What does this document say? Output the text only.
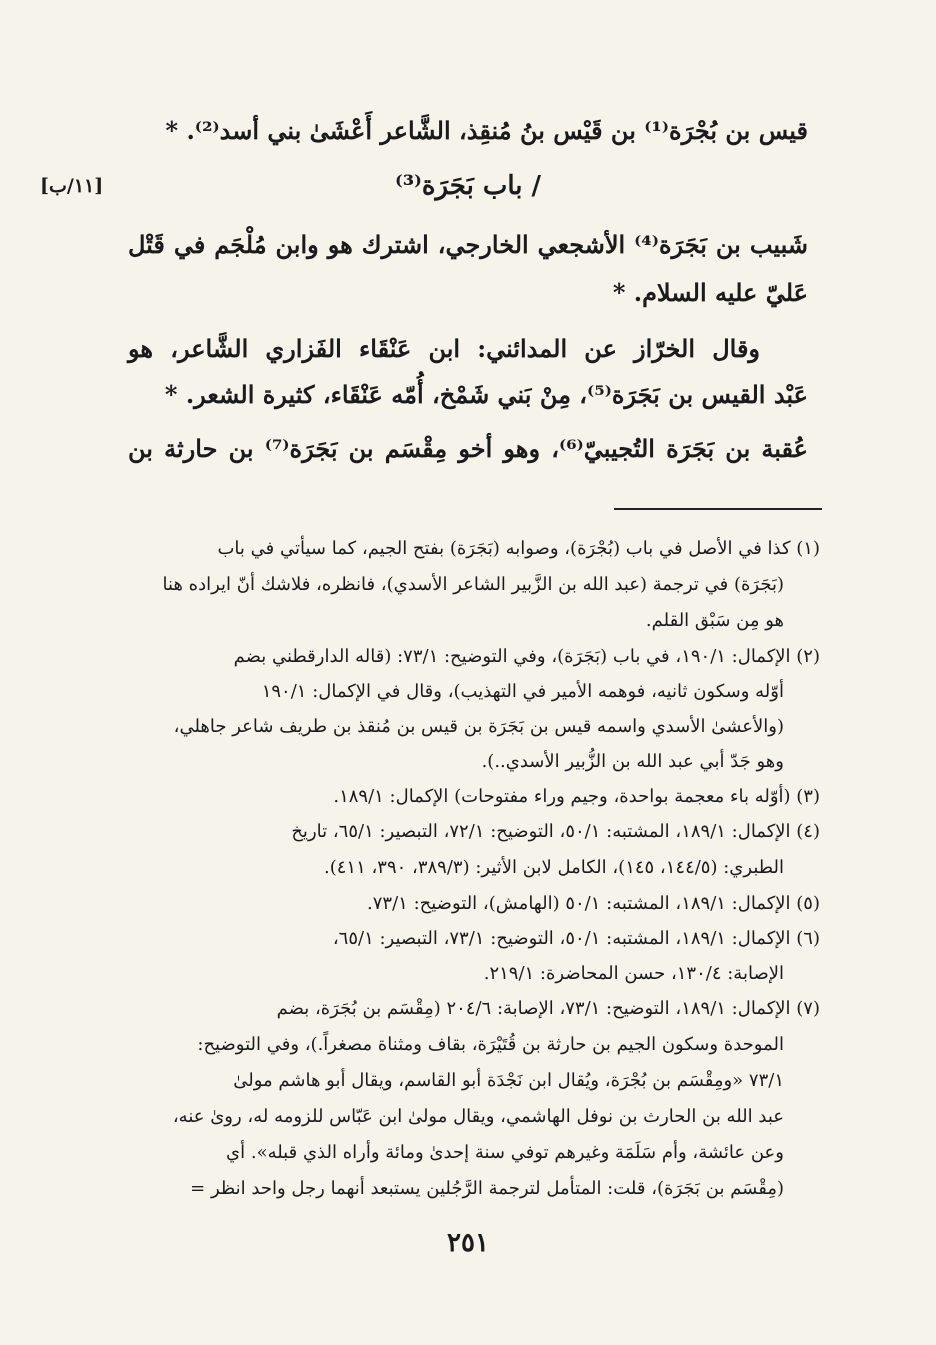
قيس بن بُجْرَة⁽¹⁾ بن قَيْس بنُ مُنقِذ، الشَّاعر أَعْشَىٰ بني أسد⁽²⁾. *
/ باب بَجَرَة⁽³⁾
[١١/ب]
شَبيب بن بَجَرَة⁽⁴⁾ الأشجعي الخارجي، اشترك هو وابن مُلْجَم في قَتْل
عَليّ عليه السلام. *
وقال الخرّاز عن المدائني: ابن عَنْقَاء الفَزاري الشَّاعر، هو
عَبْد القيس بن بَجَرَة⁽⁵⁾، مِنْ بَني شَمْخ، أُمّه عَنْقَاء، كثيرة الشعر. *
عُقبة بن بَجَرَة التُجيبيّ⁽⁶⁾، وهو أخو مِقْسَم بن بَجَرَة⁽⁷⁾ بن حارثة بن
(١) كذا في الأصل في باب (بُجْرَة)، وصوابه (بَجَرَة) بفتح الجيم، كما سيأتي في باب
(بَجَرَة) في ترجمة (عبد الله بن الزَّبير الشاعر الأسدي)، فانظره، فلاشك أنّ ايراده هنا
هو مِن سَبْق القلم.
(٢) الإكمال: ١٩٠/١، في باب (بَجَرَة)، وفي التوضيح: ٧٣/١: (قاله الدارقطني بضم
أوّله وسكون ثانيه، فوهمه الأمير في التهذيب)، وقال في الإكمال: ١٩٠/١
(والأعشىٰ الأسدي واسمه قيس بن بَجَرَة بن قيس بن مُنقذ بن طريف شاعر جاهلي،
وهو جَدّ أبي عبد الله بن الزُّبير الأسدي..).
(٣) (أوّله باء معجمة بواحدة، وجيم وراء مفتوحات) الإكمال: ١٨٩/١.
(٤) الإكمال: ١٨٩/١، المشتبه: ٥٠/١، التوضيح: ٧٢/١، التبصير: ٦٥/١، تاريخ
الطبري: (١٤٤/٥، ١٤٥)، الكامل لابن الأثير: (٣٨٩/٣، ٣٩٠، ٤١١).
(٥) الإكمال: ١٨٩/١، المشتبه: ٥٠/١ (الهامش)، التوضيح: ٧٣/١.
(٦) الإكمال: ١٨٩/١، المشتبه: ٥٠/١، التوضيح: ٧٣/١، التبصير: ٦٥/١،
الإصابة: ١٣٠/٤، حسن المحاضرة: ٢١٩/١.
(٧) الإكمال: ١٨٩/١، التوضيح: ٧٣/١، الإصابة: ٢٠٤/٦ (مِقْسَم بن بُجَرَة، بضم
الموحدة وسكون الجيم بن حارثة بن قُتَيْرَة، بقاف ومثناة مصغراً.)، وفي التوضيح:
٧٣/١ «ومِقْسَم بن بُجْرَة، ويُقال ابن نَجْدَة أبو القاسم، ويقال أبو هاشم مولىٰ
عبد الله بن الحارث بن نوفل الهاشمي، ويقال مولىٰ ابن عَبّاس للزومه له، روىٰ عنه،
وعن عائشة، وأم سَلَمَة وغيرهم توفي سنة إحدىٰ ومائة وأراه الذي قبله». أي
(مِقْسَم بن بَجَرَة)، قلت: المتأمل لترجمة الرَّجُلين يستبعد أنهما رجل واحد انظر =
٢٥١
